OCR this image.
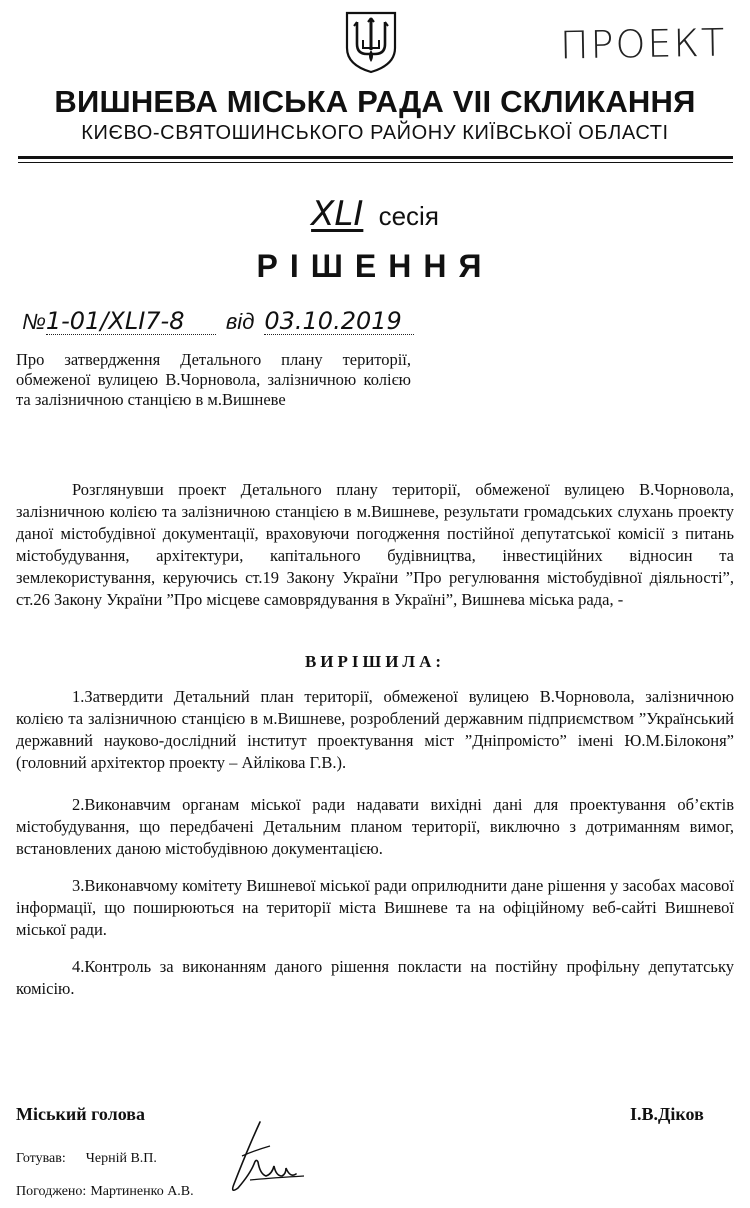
ПРОЕКТ
ВИШНЕВА МІСЬКА РАДА VII СКЛИКАННЯ
КИЄВО-СВЯТОШИНСЬКОГО РАЙОНУ КИЇВСЬКОЇ ОБЛАСТІ
XLI сесія
РІШЕННЯ
№1-01/XLI7-8 від 03.10.2019
Про затвердження Детального плану території, обмеженої вулицею В.Чорновола, залізничною колією та залізничною станцією в м.Вишневе
Розглянувши проект Детального плану території, обмеженої вулицею В.Чорновола, залізничною колією та залізничною станцією в м.Вишневе, результати громадських слухань проекту даної містобудівної документації, враховуючи погодження постійної депутатської комісії з питань містобудування, архітектури, капітального будівництва, інвестиційних відносин та землекористування, керуючись ст.19 Закону України ”Про регулювання містобудівної діяльності”, ст.26 Закону України ”Про місцеве самоврядування в Україні”, Вишнева міська рада, -
ВИРІШИЛА:
1.Затвердити Детальний план території, обмеженої вулицею В.Чорновола, залізничною колією та залізничною станцією в м.Вишневе, розроблений державним підприємством ”Український державний науково-дослідний інститут проектування міст ”Дніпромісто” імені Ю.М.Білоконя” (головний архітектор проекту – Айлікова Г.В.).
2.Виконавчим органам міської ради надавати вихідні дані для проектування об’єктів містобудування, що передбачені Детальним планом території, виключно з дотриманням вимог, встановлених даною містобудівною документацією.
3.Виконавчому комітету Вишневої міської ради оприлюднити дане рішення у засобах масової інформації, що поширюються на території міста Вишневе та на офіційному веб-сайті Вишневої міської ради.
4.Контроль за виконанням даного рішення покласти на постійну профільну депутатську комісію.
Міський голова	І.В.Діков
Готував: Черній В.П.
Погоджено: Мартиненко А.В.
